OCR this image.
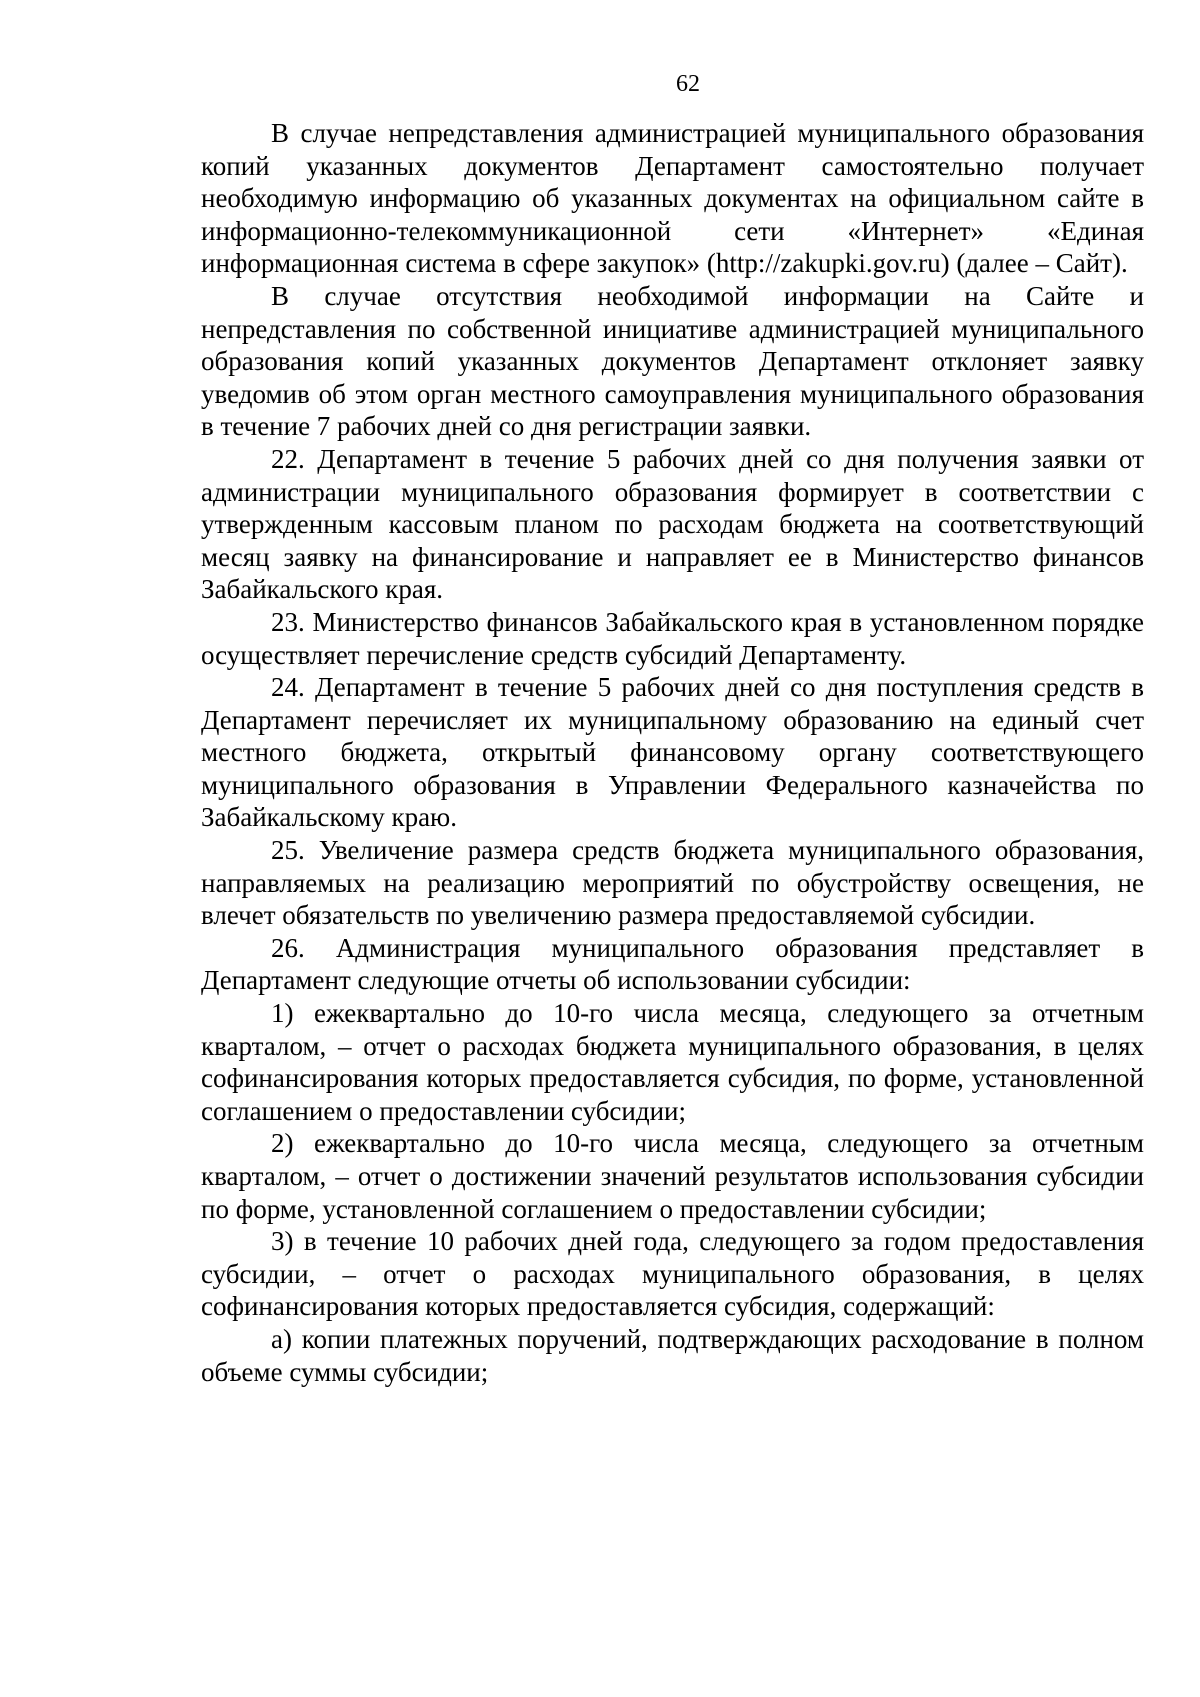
62

В случае непредставления администрацией муниципального образования копий указанных документов Департамент самостоятельно получает необходимую информацию об указанных документах на официальном сайте в информационно-телекоммуникационной сети «Интернет» «Единая информационная система в сфере закупок» (http://zakupki.gov.ru) (далее – Сайт).

В случае отсутствия необходимой информации на Сайте и непредставления по собственной инициативе администрацией муниципального образования копий указанных документов Департамент отклоняет заявку уведомив об этом орган местного самоуправления муниципального образования в течение 7 рабочих дней со дня регистрации заявки.

22. Департамент в течение 5 рабочих дней со дня получения заявки от администрации муниципального образования формирует в соответствии с утвержденным кассовым планом по расходам бюджета на соответствующий месяц заявку на финансирование и направляет ее в Министерство финансов Забайкальского края.

23. Министерство финансов Забайкальского края в установленном порядке осуществляет перечисление средств субсидий Департаменту.

24. Департамент в течение 5 рабочих дней со дня поступления средств в Департамент перечисляет их муниципальному образованию на единый счет местного бюджета, открытый финансовому органу соответствующего муниципального образования в Управлении Федерального казначейства по Забайкальскому краю.

25. Увеличение размера средств бюджета муниципального образования, направляемых на реализацию мероприятий по обустройству освещения, не влечет обязательств по увеличению размера предоставляемой субсидии.

26. Администрация муниципального образования представляет в Департамент следующие отчеты об использовании субсидии:

1) ежеквартально до 10-го числа месяца, следующего за отчетным кварталом, – отчет о расходах бюджета муниципального образования, в целях софинансирования которых предоставляется субсидия, по форме, установленной соглашением о предоставлении субсидии;

2) ежеквартально до 10-го числа месяца, следующего за отчетным кварталом, – отчет о достижении значений результатов использования субсидии по форме, установленной соглашением о предоставлении субсидии;

3) в течение 10 рабочих дней года, следующего за годом предоставления субсидии, – отчет о расходах муниципального образования, в целях софинансирования которых предоставляется субсидия, содержащий:

а) копии платежных поручений, подтверждающих расходование в полном объеме суммы субсидии;
